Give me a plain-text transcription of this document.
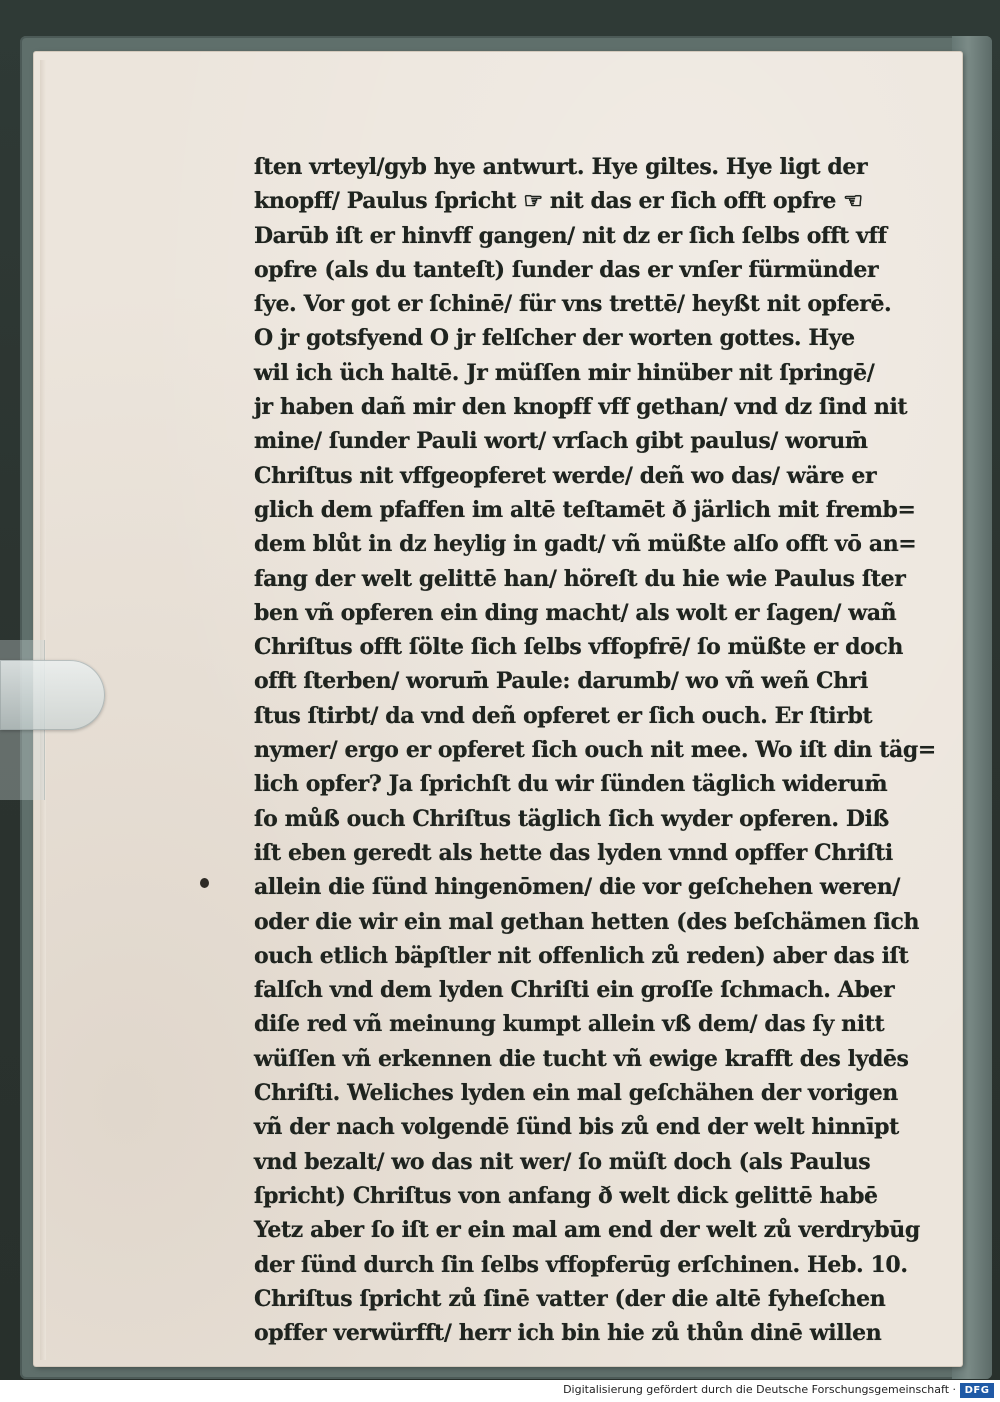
ſten vrteyl/gyb hye antwurt. Hye giltes. Hye ligt der
knopff/ Paulus ſpricht ☞ nit das er ſich offt opfre ☜
Darūb iſt er hinvff gangen/ nit dz er ſich ſelbs offt vff
opfre (als du tanteſt) ſunder das er vnſer fürmünder
ſye. Vor got er ſchinē/ für vns trettē/ heyßt nit opferē.
O jr gotsfyend O jr felſcher der worten gottes. Hye
wil ich üch haltē. Jr müſſen mir hinüber nit ſpringē/
jr haben dañ mir den knopff vff gethan/ vnd dz ſind nit
mine/ ſunder Pauli wort/ vrſach gibt paulus/ worum̄
Chriſtus nit vffgeopferet werde/ deñ wo das/ wäre er
glich dem pfaffen im altē teſtamēt ð järlich mit fremb=
dem blůt in dz heylig in gadt/ vñ müßte alſo offt vō an=
fang der welt gelittē han/ höreſt du hie wie Paulus ſter
ben vñ opferen ein ding macht/ als wolt er ſagen/ wañ
Chriſtus offt ſölte ſich ſelbs vffopfrē/ ſo müßte er doch
offt ſterben/ worum̄ Paule: darumb/ wo vñ weñ Chri
ſtus ſtirbt/ da vnd deñ opferet er ſich ouch. Er ſtirbt
nymer/ ergo er opferet ſich ouch nit mee. Wo iſt din täg=
lich opfer? Ja ſprichſt du wir ſünden täglich widerum̄
ſo můß ouch Chriſtus täglich ſich wyder opferen. Diß
iſt eben geredt als hette das lyden vnnd opffer Chriſti
allein die ſünd hingenōmen/ die vor geſchehen weren/
oder die wir ein mal gethan hetten (des beſchämen ſich
ouch etlich bäpſtler nit offenlich zů reden) aber das iſt
falſch vnd dem lyden Chriſti ein groſſe ſchmach. Aber
diſe red vñ meinung kumpt allein vß dem/ das ſy nitt
wüſſen vñ erkennen die tucht vñ ewige krafft des lydēs
Chriſti. Weliches lyden ein mal geſchähen der vorigen
vñ der nach volgendē ſünd bis zů end der welt hinnīpt
vnd bezalt/ wo das nit wer/ ſo müſt doch (als Paulus
ſpricht) Chriſtus von anfang ð welt dick gelittē habē
Yetz aber ſo iſt er ein mal am end der welt zů verdrybūg
der ſünd durch ſin ſelbs vffopferūg erſchinen. Heb. 10.
Chriſtus ſpricht zů ſinē vatter (der die altē fyheſchen
opffer verwürfft/ herr ich bin hie zů thůn dinē willen
Digitalisierung gefördert durch die Deutsche Forschungsgemeinschaft · DFG
